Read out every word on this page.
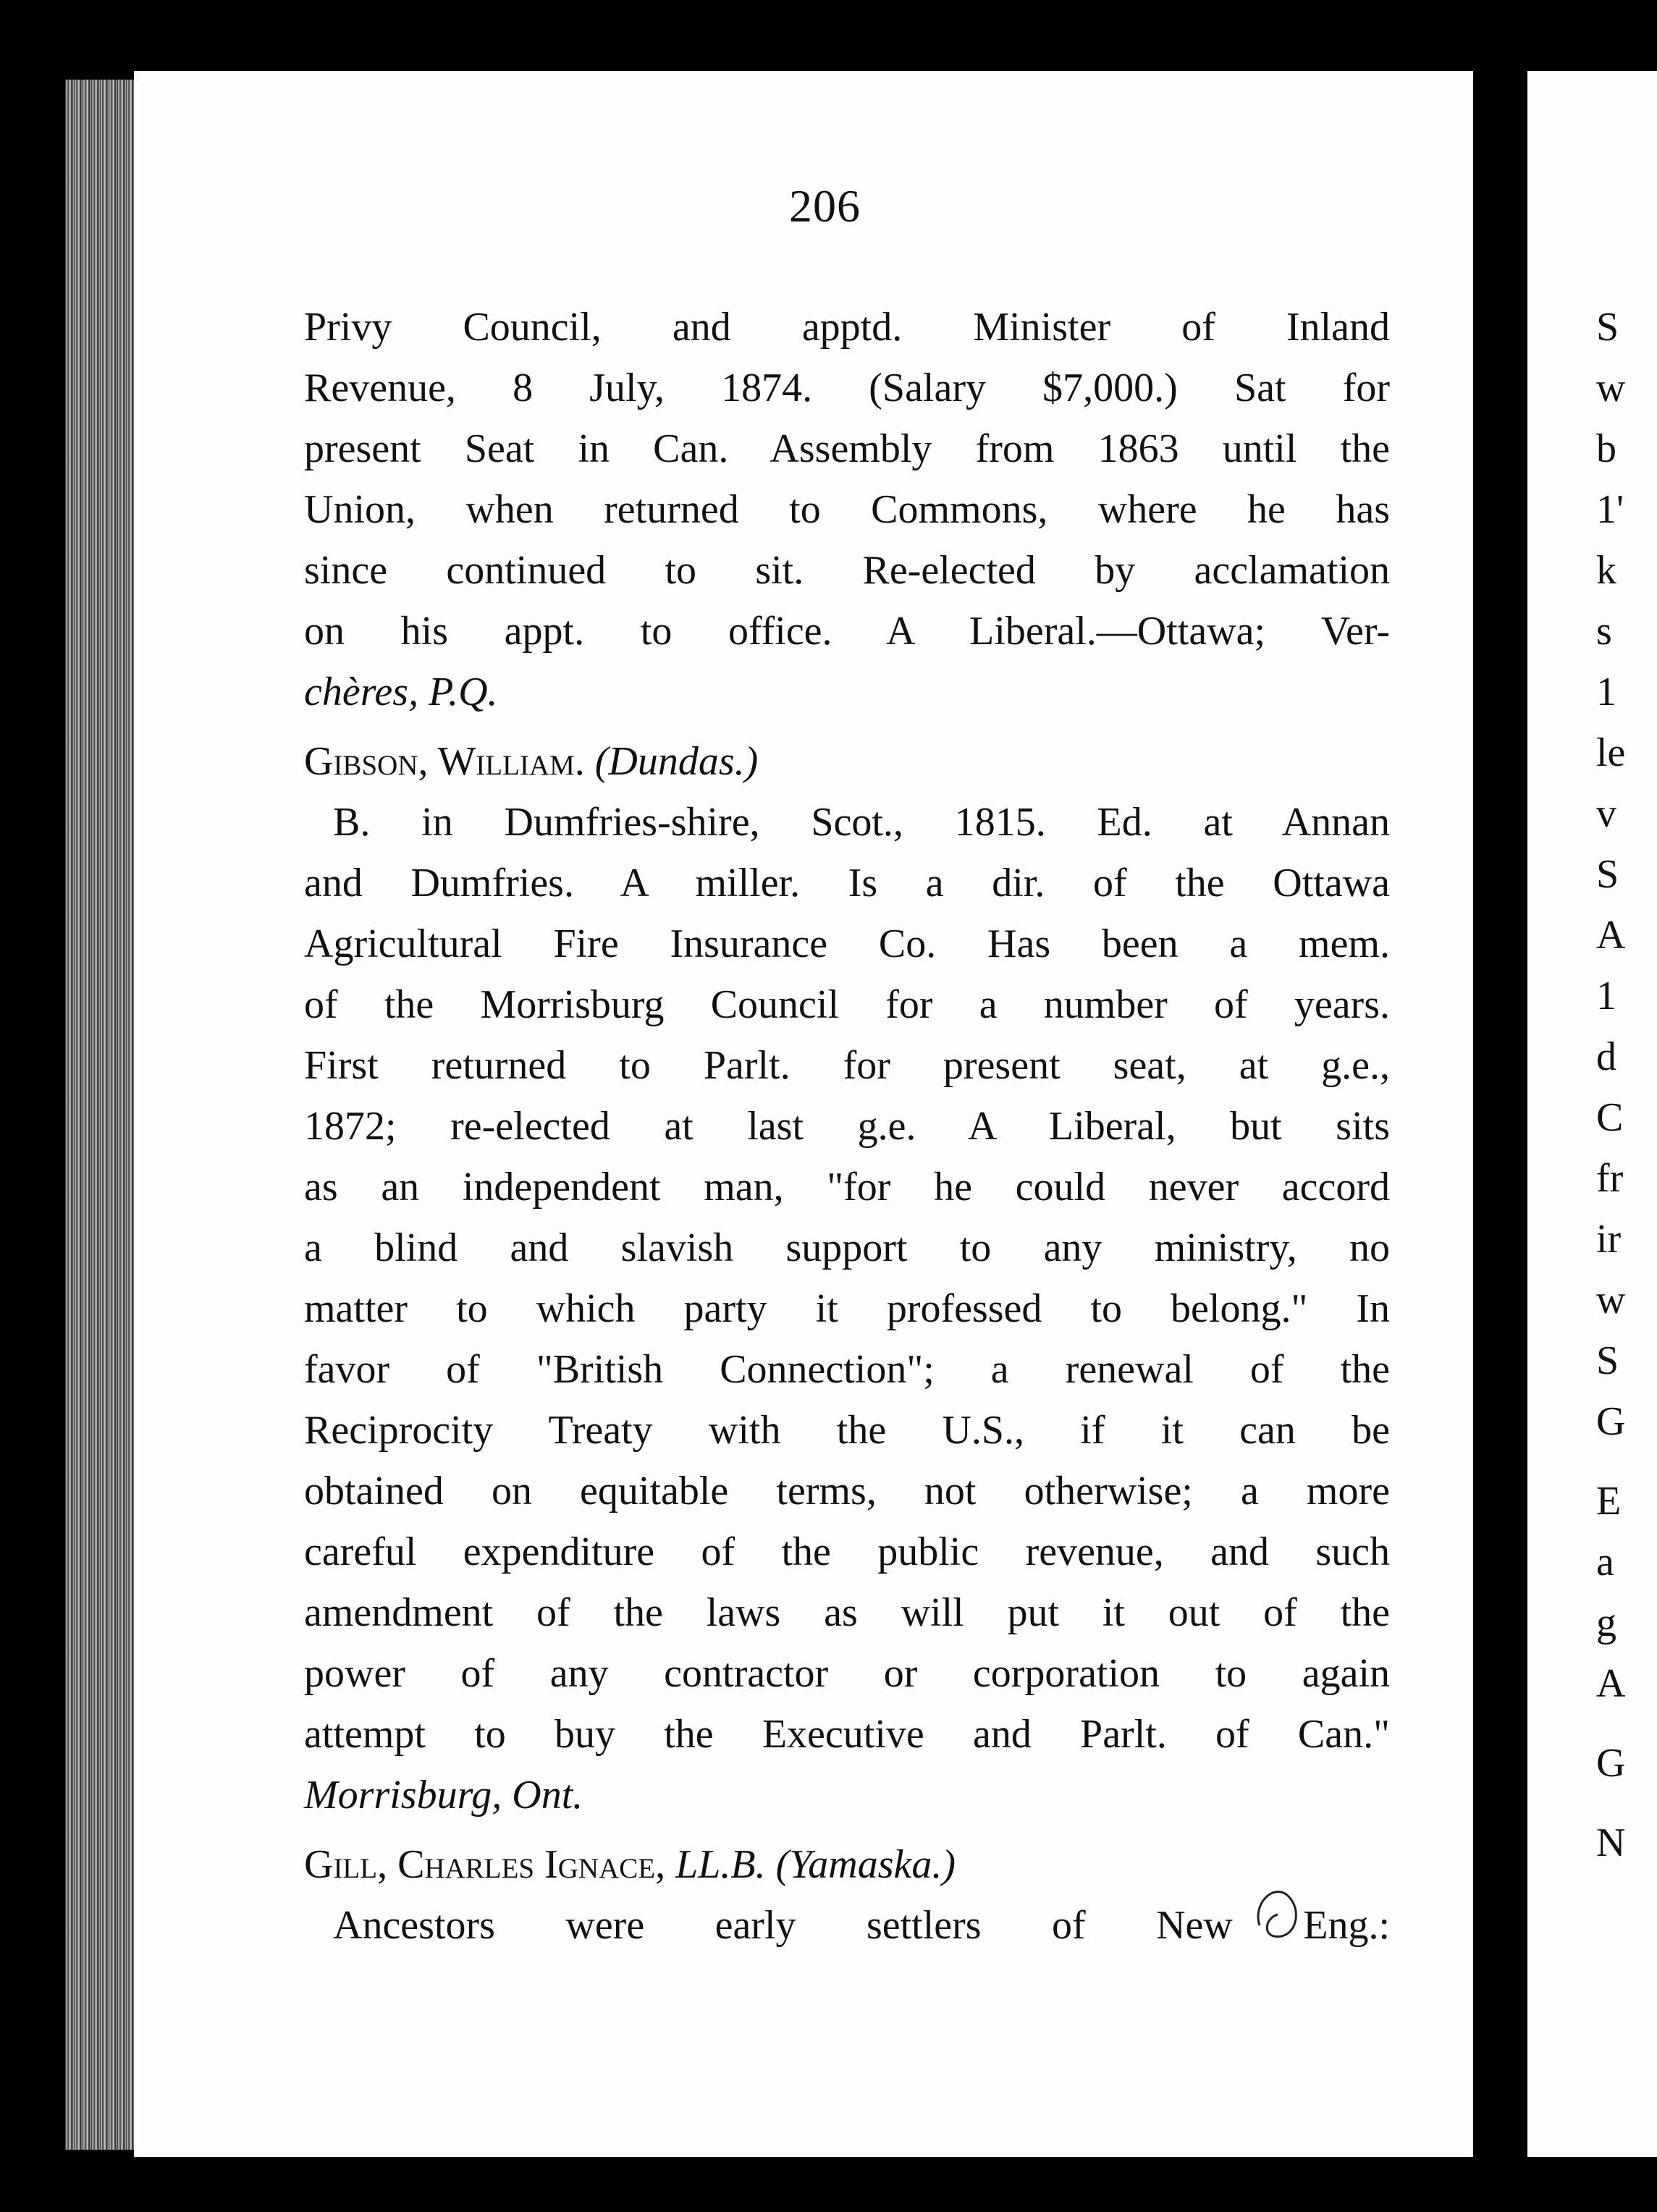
206
Privy Council, and apptd. Minister of Inland
Revenue, 8 July, 1874. (Salary $7,000.) Sat for
present Seat in Can. Assembly from 1863 until the
Union, when returned to Commons, where he has
since continued to sit. Re-elected by acclamation
on his appt. to office. A Liberal.—Ottawa; Ver-
chères, P.Q.
Gibson, William. (Dundas.)
B. in Dumfries-shire, Scot., 1815. Ed. at Annan
and Dumfries. A miller. Is a dir. of the Ottawa
Agricultural Fire Insurance Co. Has been a mem.
of the Morrisburg Council for a number of years.
First returned to Parlt. for present seat, at g.e.,
1872; re-elected at last g.e. A Liberal, but sits
as an independent man, "for he could never accord
a blind and slavish support to any ministry, no
matter to which party it professed to belong." In
favor of "British Connection"; a renewal of the
Reciprocity Treaty with the U.S., if it can be
obtained on equitable terms, not otherwise; a more
careful expenditure of the public revenue, and such
amendment of the laws as will put it out of the
power of any contractor or corporation to again
attempt to buy the Executive and Parlt. of Can."
Morrisburg, Ont.
Gill, Charles Ignace, LL.B. (Yamaska.)
Ancestors were early settlers of New Eng.:
S
w
b
1'
k
s
1
le
v
S
A
1
d
C
fr
ir
w
S
G
E
a
g
A
G
N
